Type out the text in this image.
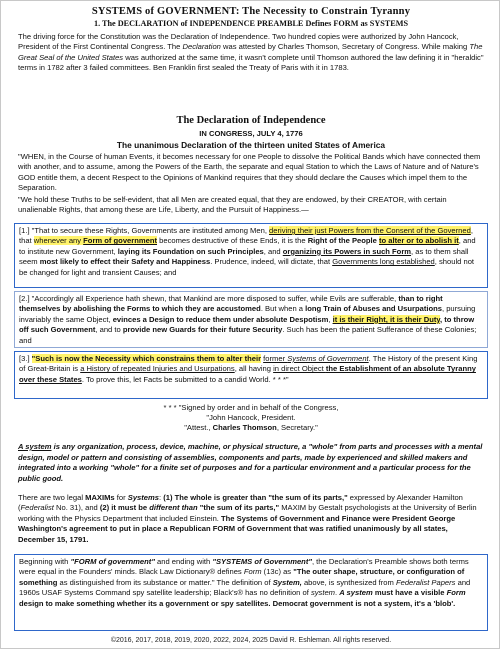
SYSTEMS of GOVERNMENT: The Necessity to Constrain Tyranny
1. The DECLARATION of INDEPENDENCE PREAMBLE Defines FORM as SYSTEMS

The driving force for the Constitution was the Declaration of Independence. Two hundred copies were authorized by John Hancock, President of the First Continental Congress. The Declaration was attested by Charles Thomson, Secretary of Congress. While making The Great Seal of the United States was authorized at the same time, it wasn't complete until Thomson authored the law defining it in "heraldic" terms in 1782 after 3 failed committees. Ben Franklin first sealed the Treaty of Paris with it in 1783.

The Declaration of Independence
IN CONGRESS, JULY 4, 1776
The unanimous Declaration of the thirteen united States of America

"WHEN, in the Course of human Events, it becomes necessary for one People to dissolve the Political Bands which have connected them with another, and to assume, among the Powers of the Earth, the separate and equal Station to which the Laws of Nature and of Nature's GOD entitle them, a decent Respect to the Opinions of Mankind requires that they should declare the Causes which impel them to the Separation.

"We hold these Truths to be self-evident, that all Men are created equal, that they are endowed, by their CREATOR, with certain unalienable Rights, that among these are Life, Liberty, and the Pursuit of Happiness.—

[1.] "That to secure these Rights, Governments are instituted among Men, deriving their just Powers from the Consent of the Governed, that whenever any Form of government becomes destructive of these Ends, it is the Right of the People to alter or to abolish it, and to institute new Government, laying its Foundation on such Principles, and organizing its Powers in such Form, as to them shall seem most likely to effect their Safety and Happiness. Prudence, indeed, will dictate, that Governments long established, should not be changed for light and transient Causes; and

[2.] "Accordingly all Experience hath shewn, that Mankind are more disposed to suffer, while Evils are sufferable, than to right themselves by abolishing the Forms to which they are accustomed. But when a long Train of Abuses and Usurpations, pursuing invariably the same Object, evinces a Design to reduce them under absolute Despotism, it is their Right, it is their Duty, to throw off such Government, and to provide new Guards for their future Security. Such has been the patient Sufferance of these Colonies; and

[3.] "Such is now the Necessity which constrains them to alter their former Systems of Government. The History of the present King of Great-Britain is a History of repeated Injuries and Usurpations, all having in direct Object the Establishment of an absolute Tyranny over these States. To prove this, let Facts be submitted to a candid World. * * *"

* * * "Signed by order and in behalf of the Congress,
"John Hancock, President.
"Attest., Charles Thomson, Secretary."

A system is any organization, process, device, machine, or physical structure, a "whole" from parts and processes with a mental design, model or pattern and consisting of assemblies, components and parts, made by experienced and skilled makers and integrated into a working "whole" for a finite set of purposes and for a particular environment and a particular process for the public good.

There are two legal MAXIMs for Systems: (1) The whole is greater than "the sum of its parts," expressed by Alexander Hamilton (Federalist No. 31), and (2) it must be different than "the sum of its parts," MAXIM by Gestalt psychologists at the University of Berlin working with the Physics Department that included Einstein. The Systems of Government and Finance were President George Washington's agreement to put in place a Republican FORM of Government that was ratified unanimously by all states, December 15, 1791.

Beginning with "FORM of government" and ending with "SYSTEMS of Government", the Declaration's Preamble shows both terms were equal in the Founders' minds. Black Law Dictionary® defines Form (13c) as "The outer shape, structure, or configuration of something as distinguished from its substance or matter." The definition of System, above, is synthesized from Federalist Papers and 1960s USAF Systems Command spy satellite leadership; Black's® has no definition of system. A system must have a visible Form design to make something whether its a government or spy satellites. Democrat government is not a system, it's a 'blob'.

©2016, 2017, 2018, 2019, 2020, 2022, 2024, 2025 David R. Eshleman. All rights reserved.
